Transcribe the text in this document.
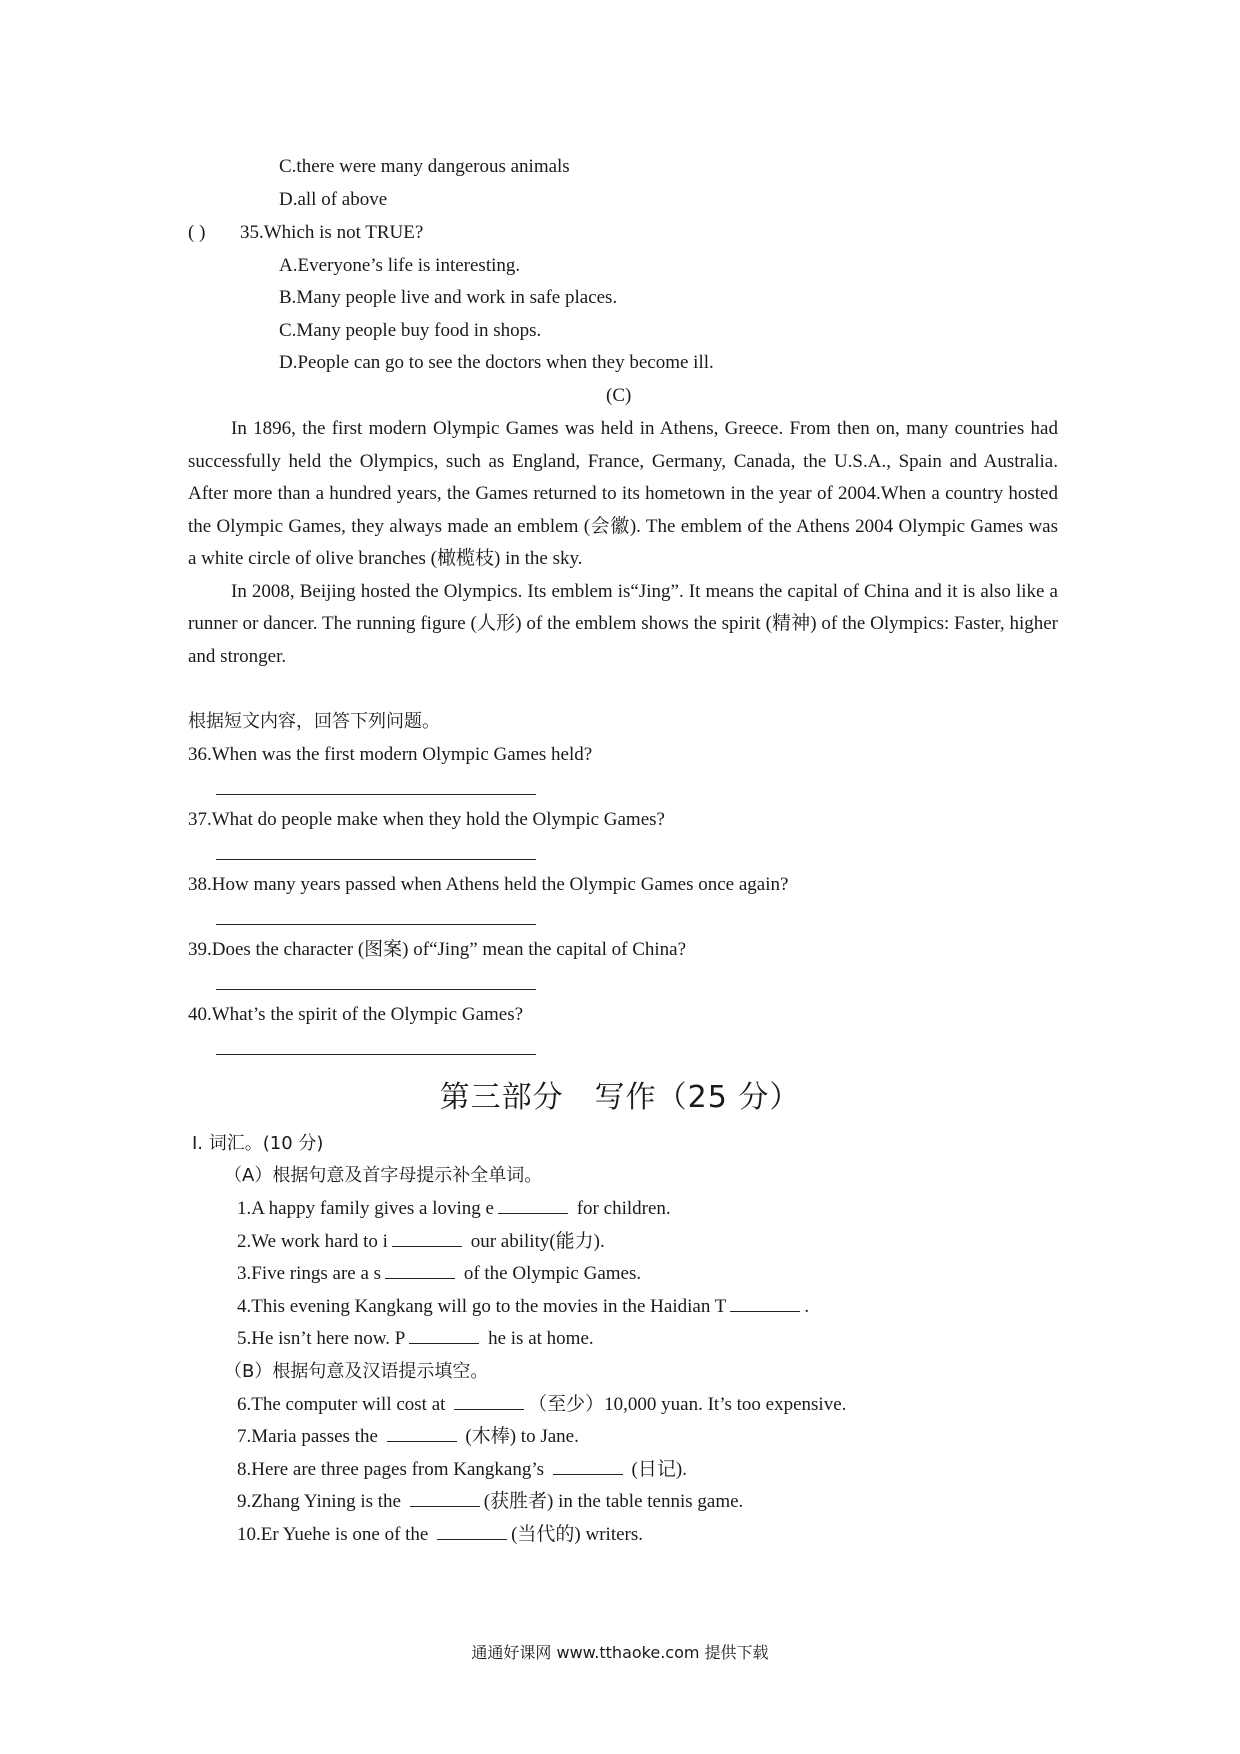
C.there were many dangerous animals
D.all of above
( ) 35.Which is not TRUE?
A.Everyone’s life is interesting.
B.Many people live and work in safe places.
C.Many people buy food in shops.
D.People can go to see the doctors when they become ill.
(C)

In 1896, the first modern Olympic Games was held in Athens, Greece. From then on, many countries had successfully held the Olympics, such as England, France, Germany, Canada, the U.S.A., Spain and Australia. After more than a hundred years, the Games returned to its hometown in the year of 2004.When a country hosted the Olympic Games, they always made an emblem (会徽). The emblem of the Athens 2004 Olympic Games was a white circle of olive branches (橄榄枝) in the sky.

In 2008, Beijing hosted the Olympics. Its emblem is“Jing”. It means the capital of China and it is also like a runner or dancer. The running figure (人形) of the emblem shows the spirit (精神) of the Olympics: Faster, higher and stronger.

根据短文内容，回答下列问题。
36.When was the first modern Olympic Games held?
37.What do people make when they hold the Olympic Games?
38.How many years passed when Athens held the Olympic Games once again?
39.Does the character (图案) of“Jing” mean the capital of China?
40.What’s the spirit of the Olympic Games?
第三部分　写作（25 分）
Ⅰ. 词汇。(10 分)
（A）根据句意及首字母提示补全单词。
1.A happy family gives a loving e	for children.
2.We work hard to i	our ability(能力).
3.Five rings are a s	of the Olympic Games.
4.This evening Kangkang will go to the movies in the Haidian T	.
5.He isn’t here now. P	he is at home.
（B）根据句意及汉语提示填空。
6.The computer will cost at	（至少）10,000 yuan. It’s too expensive.
7.Maria passes the	(木棒) to Jane.
8.Here are three pages from Kangkang’s	(日记).
9.Zhang Yining is the	(获胜者) in the table tennis game.
10.Er Yuehe is one of the	(当代的) writers.
通通好课网 www.tthaoke.com 提供下载
